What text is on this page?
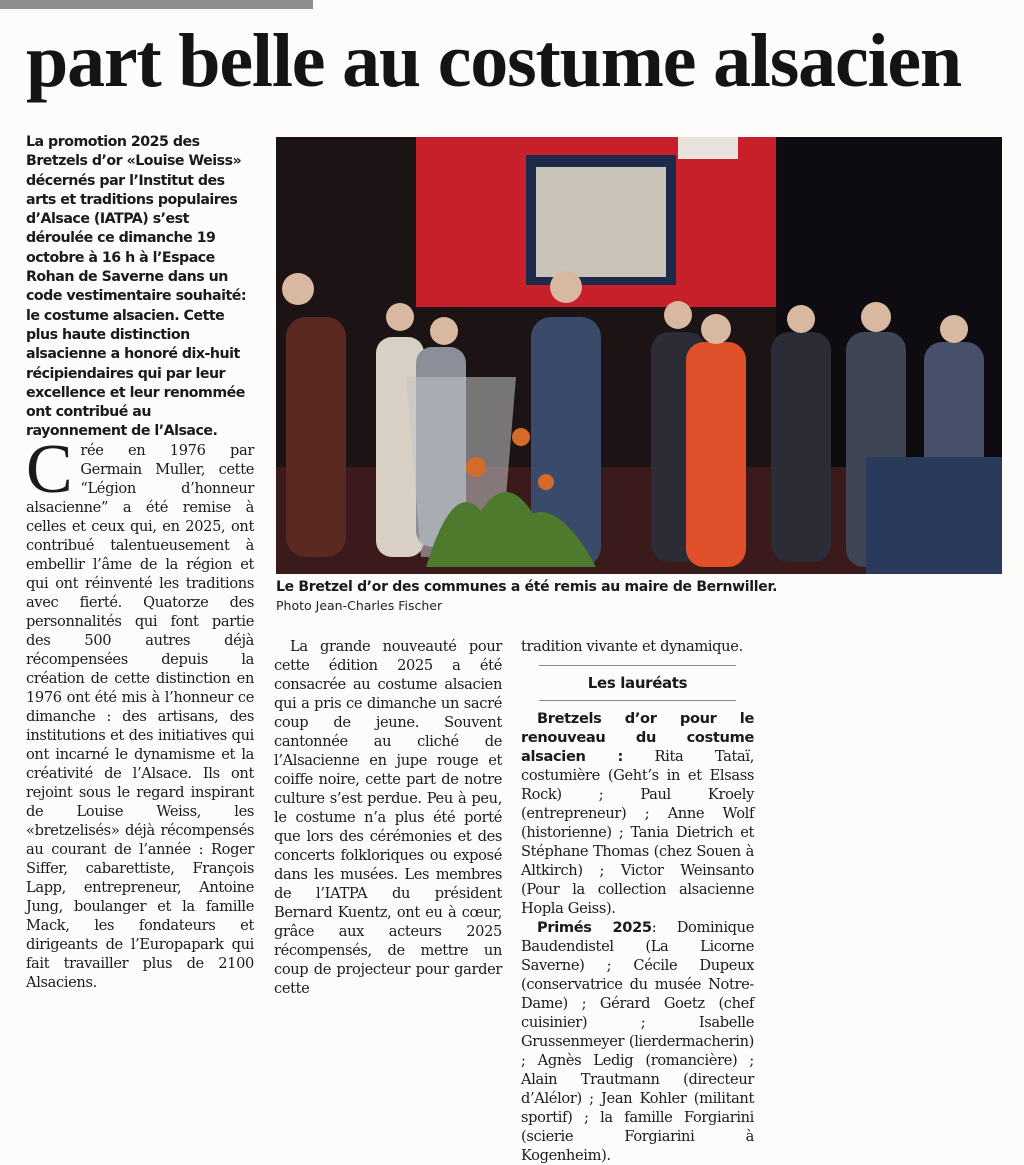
part belle au costume alsacien
La promotion 2025 des Bretzels d’or «Louise Weiss» décernés par l’Institut des arts et traditions populaires d’Alsace (IATPA) s’est déroulée ce dimanche 19 octobre à 16 h à l’Espace Rohan de Saverne dans un code vestimentaire souhaité: le costume alsacien. Cette plus haute distinction alsacienne a honoré dix-huit récipiendaires qui par leur excellence et leur renommée ont contribué au rayonnement de l’Alsace.
Crée en 1976 par Germain Muller, cette “Légion d’honneur alsacienne” a été remise à celles et ceux qui, en 2025, ont contribué talentueusement à embellir l’âme de la région et qui ont réinventé les traditions avec fierté. Quatorze des personnalités qui font partie des 500 autres déjà récompensées depuis la création de cette distinction en 1976 ont été mis à l’honneur ce dimanche : des artisans, des institutions et des initiatives qui ont incarné le dynamisme et la créativité de l’Alsace. Ils ont rejoint sous le regard inspirant de Louise Weiss, les «bretzelisés» déjà récompensés au courant de l’année : Roger Siffer, cabarettiste, François Lapp, entrepreneur, Antoine Jung, boulanger et la famille Mack, les fondateurs et dirigeants de l’Europapark qui fait travailler plus de 2100 Alsaciens.
Le Bretzel d’or des communes a été remis au maire de Bernwiller.
Photo Jean-Charles Fischer

La grande nouveauté pour cette édition 2025 a été consacrée au costume alsacien qui a pris ce dimanche un sacré coup de jeune. Souvent cantonnée au cliché de l’Alsacienne en jupe rouge et coiffe noire, cette part de notre culture s’est perdue. Peu à peu, le costume n’a plus été porté que lors des cérémonies et des concerts folkloriques ou exposé dans les musées. Les membres de l’IATPA du président Bernard Kuentz, ont eu à cœur, grâce aux acteurs 2025 récompensés, de mettre un coup de projecteur pour garder cette

tradition vivante et dynamique.

Les lauréats

Bretzels d’or pour le renouveau du costume alsacien : Rita Tataï, costumière (Geht’s in et Elsass Rock) ; Paul Kroely (entrepreneur) ; Anne Wolf (historienne) ; Tania Dietrich et Stéphane Thomas (chez Souen à Altkirch) ; Victor Weinsanto (Pour la collection alsacienne Hopla Geiss).

Primés 2025: Dominique Baudendistel (La Licorne Saverne) ; Cécile Dupeux (conservatrice du musée Notre-Dame) ; Gérard Goetz (chef cuisinier) ; Isabelle Grussenmeyer (lierdermacherin) ; Agnès Ledig (romancière) ; Alain Trautmann (directeur d’Alélor) ; Jean Kohler (militant sportif) ; la famille Forgiarini (scierie Forgiarini à Kogenheim).
